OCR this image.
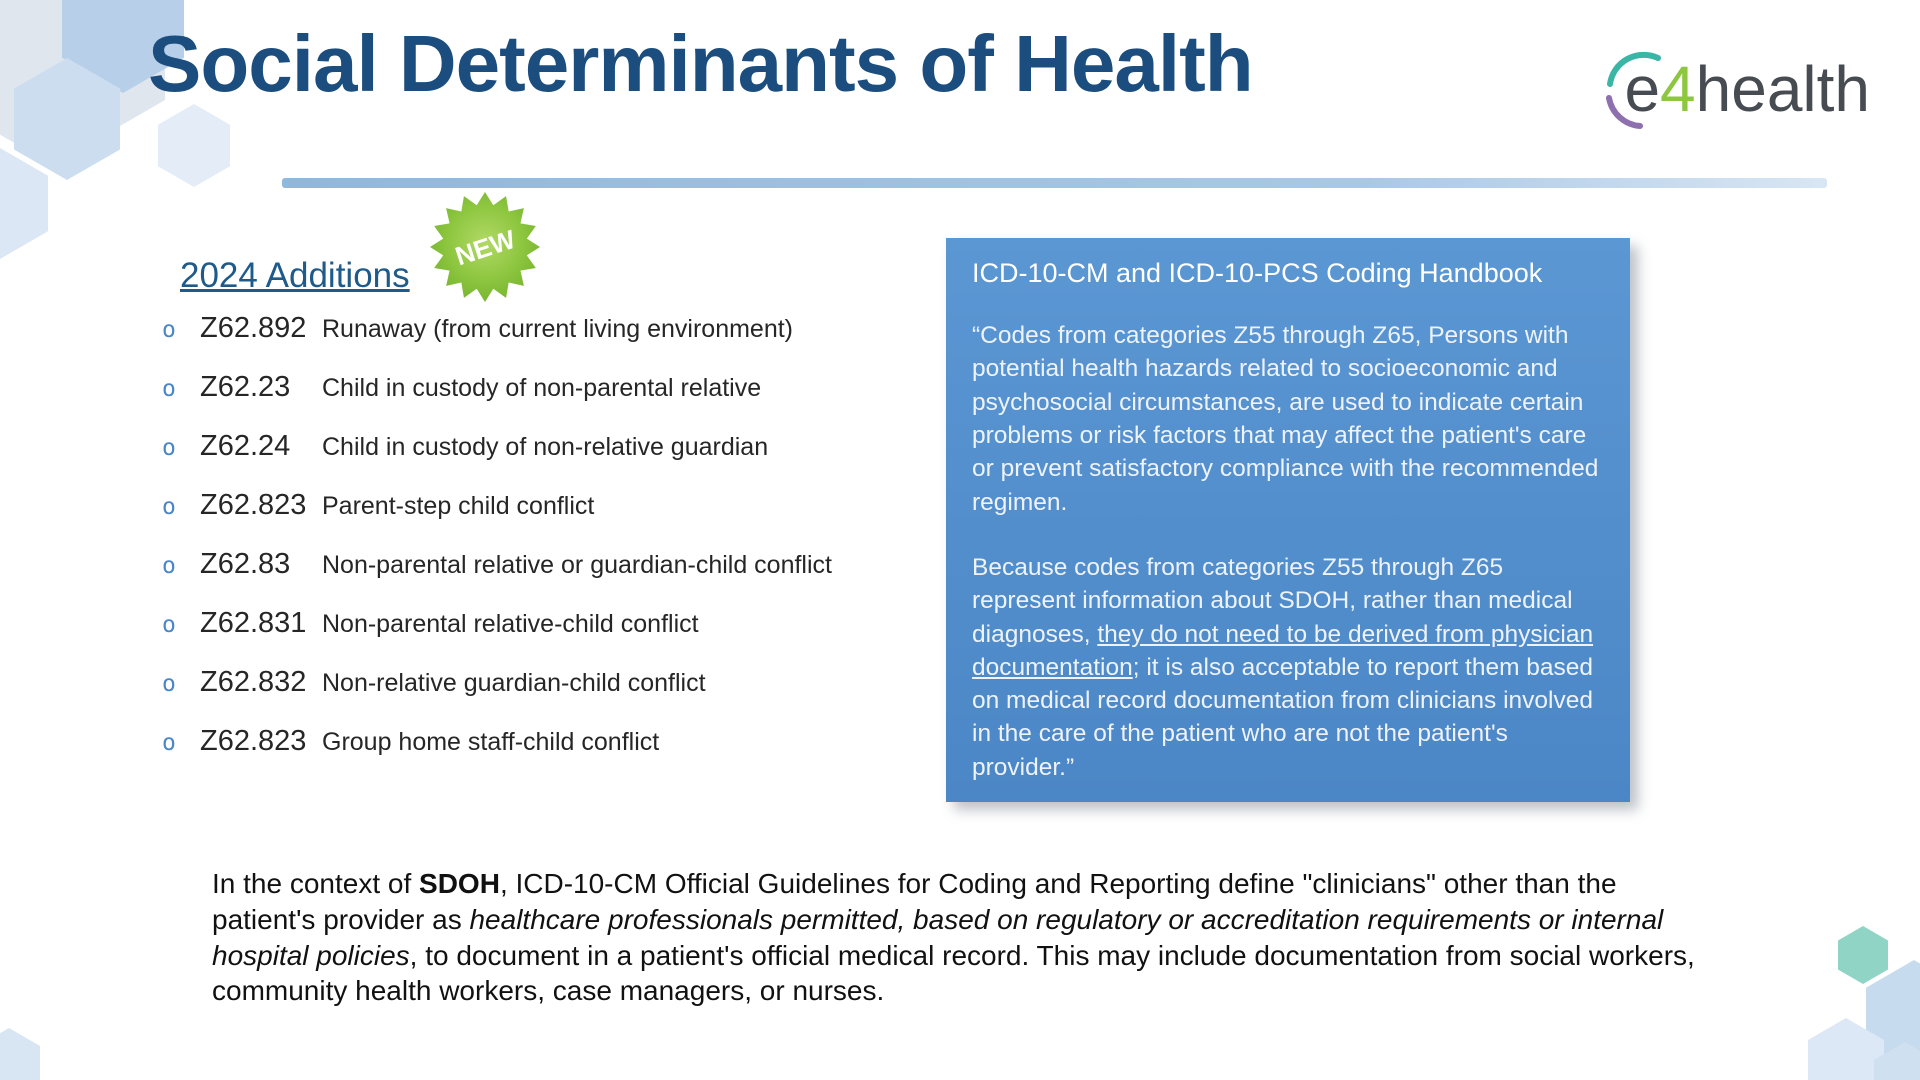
Social Determinants of Health	e 4 health
2024 Additions
NEW
o Z62.892 Runaway (from current living environment)
o Z62.23	Child in custody of non-parental relative
o Z62.24	Child in custody of non-relative guardian
o Z62.823 Parent-step child conflict
o Z62.83	Non-parental relative or guardian-child conflict
o Z62.831 Non-parental relative-child conflict
o Z62.832 Non-relative guardian-child conflict
o Z62.823 Group home staff-child conflict
ICD-10-CM and ICD-10-PCS Coding Handbook

“Codes from categories Z55 through Z65, Persons with potential health hazards related to socioeconomic and psychosocial circumstances, are used to indicate certain problems or risk factors that may affect the patient's care or prevent satisfactory compliance with the recommended regimen.

Because codes from categories Z55 through Z65 represent information about SDOH, rather than medical diagnoses, they do not need to be derived from physician documentation; it is also acceptable to report them based on medical record documentation from clinicians involved in the care of the patient who are not the patient's provider.”

In the context of SDOH, ICD-10-CM Official Guidelines for Coding and Reporting define "clinicians" other than the patient's provider as healthcare professionals permitted, based on regulatory or accreditation requirements or internal hospital policies, to document in a patient's official medical record. This may include documentation from social workers, community health workers, case managers, or nurses.
